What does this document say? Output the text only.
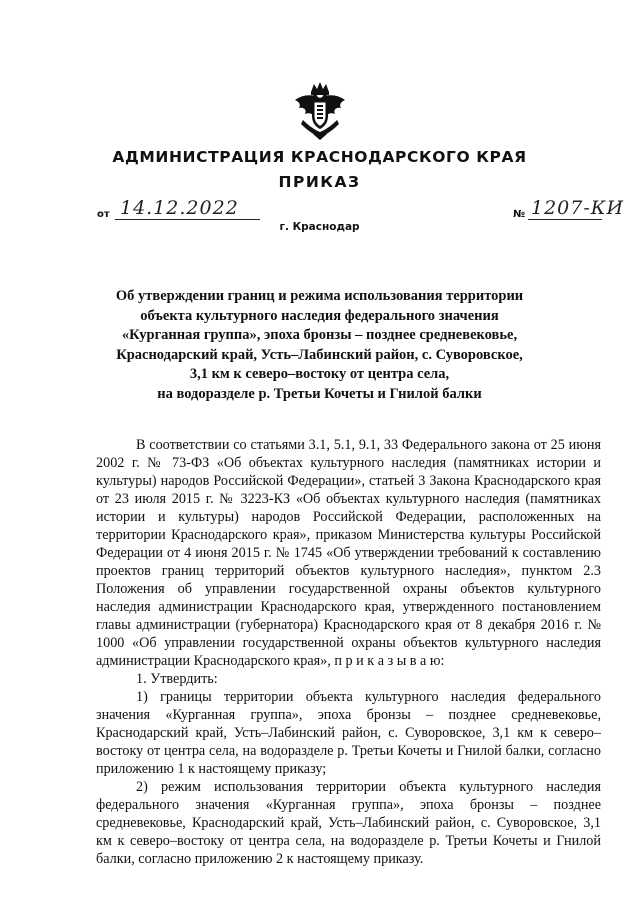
АДМИНИСТРАЦИЯ КРАСНОДАРСКОГО КРАЯ
ПРИКАЗ
от 14.12.2022	№ 1207-КИ
г. Краснодар
Об утверждении границ и режима использования территории
объекта культурного наследия федерального значения
«Курганная группа», эпоха бронзы – позднее средневековье,
Краснодарский край, Усть–Лабинский район, с. Суворовское,
3,1 км к северо–востоку от центра села,
на водоразделе р. Третьи Кочеты и Гнилой балки

В соответствии со статьями 3.1, 5.1, 9.1, 33 Федерального закона от 25 июня 2002 г. № 73-ФЗ «Об объектах культурного наследия (памятниках истории и культуры) народов Российской Федерации», статьей 3 Закона Краснодарского края от 23 июля 2015 г. № 3223-КЗ «Об объектах культурного наследия (памятниках истории и культуры) народов Российской Федерации, расположенных на территории Краснодарского края», приказом Министерства культуры Российской Федерации от 4 июня 2015 г. № 1745 «Об утверждении требований к составлению проектов границ территорий объектов культурного наследия», пунктом 2.3 Положения об управлении государственной охраны объектов культурного наследия администрации Краснодарского края, утвержденного постановлением главы администрации (губернатора) Краснодарского края от 8 декабря 2016 г. № 1000 «Об управлении государственной охраны объектов культурного наследия администрации Краснодарского края», п р и к а з ы в а ю:

1. Утвердить:

1) границы территории объекта культурного наследия федерального значения «Курганная группа», эпоха бронзы – позднее средневековье, Краснодарский край, Усть–Лабинский район, с. Суворовское, 3,1 км к северо–востоку от центра села, на водоразделе р. Третьи Кочеты и Гнилой балки, согласно приложению 1 к настоящему приказу;

2) режим использования территории объекта культурного наследия федерального значения «Курганная группа», эпоха бронзы – позднее средневековье, Краснодарский край, Усть–Лабинский район, с. Суворовское, 3,1 км к северо–востоку от центра села, на водоразделе р. Третьи Кочеты и Гнилой балки, согласно приложению 2 к настоящему приказу.
